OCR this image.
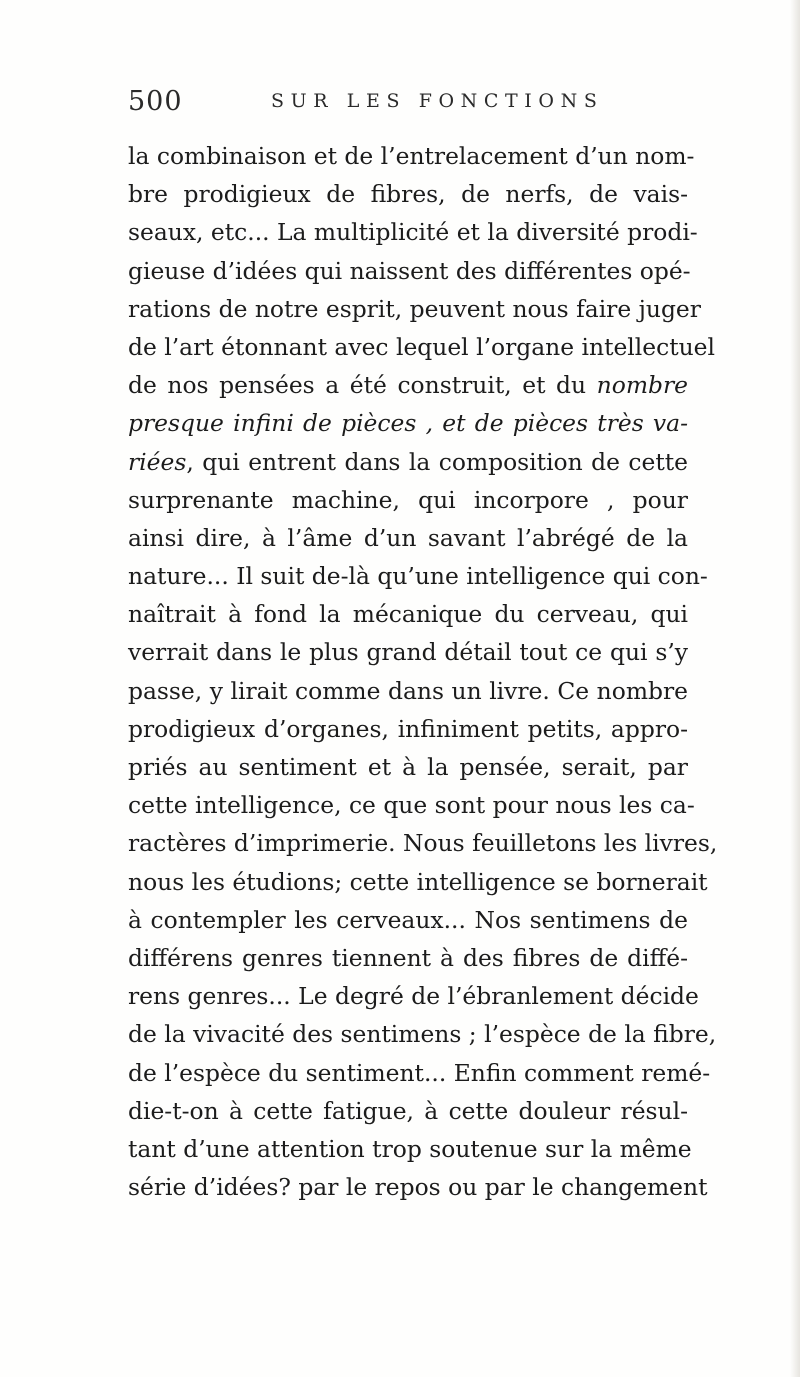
500	SUR LES FONCTIONS
la combinaison et de l’entrelacement d’un nom-
bre prodigieux de fibres, de nerfs, de vais-
seaux, etc... La multiplicité et la diversité prodi-
gieuse d’idées qui naissent des différentes opé-
rations de notre esprit, peuvent nous faire juger
de l’art étonnant avec lequel l’organe intellectuel
de nos pensées a été construit, et du nombre
presque infini de pièces , et de pièces très va-
riées, qui entrent dans la composition de cette
surprenante machine, qui incorpore , pour
ainsi dire, à l’âme d’un savant l’abrégé de la
nature... Il suit de-là qu’une intelligence qui con-
naîtrait à fond la mécanique du cerveau, qui
verrait dans le plus grand détail tout ce qui s’y
passe, y lirait comme dans un livre. Ce nombre
prodigieux d’organes, infiniment petits, appro-
priés au sentiment et à la pensée, serait, par
cette intelligence, ce que sont pour nous les ca-
ractères d’imprimerie. Nous feuilletons les livres,
nous les étudions; cette intelligence se bornerait
à contempler les cerveaux... Nos sentimens de
différens genres tiennent à des fibres de diffé-
rens genres... Le degré de l’ébranlement décide
de la vivacité des sentimens ; l’espèce de la fibre,
de l’espèce du sentiment... Enfin comment remé-
die-t-on à cette fatigue, à cette douleur résul-
tant d’une attention trop soutenue sur la même
série d’idées? par le repos ou par le changement
